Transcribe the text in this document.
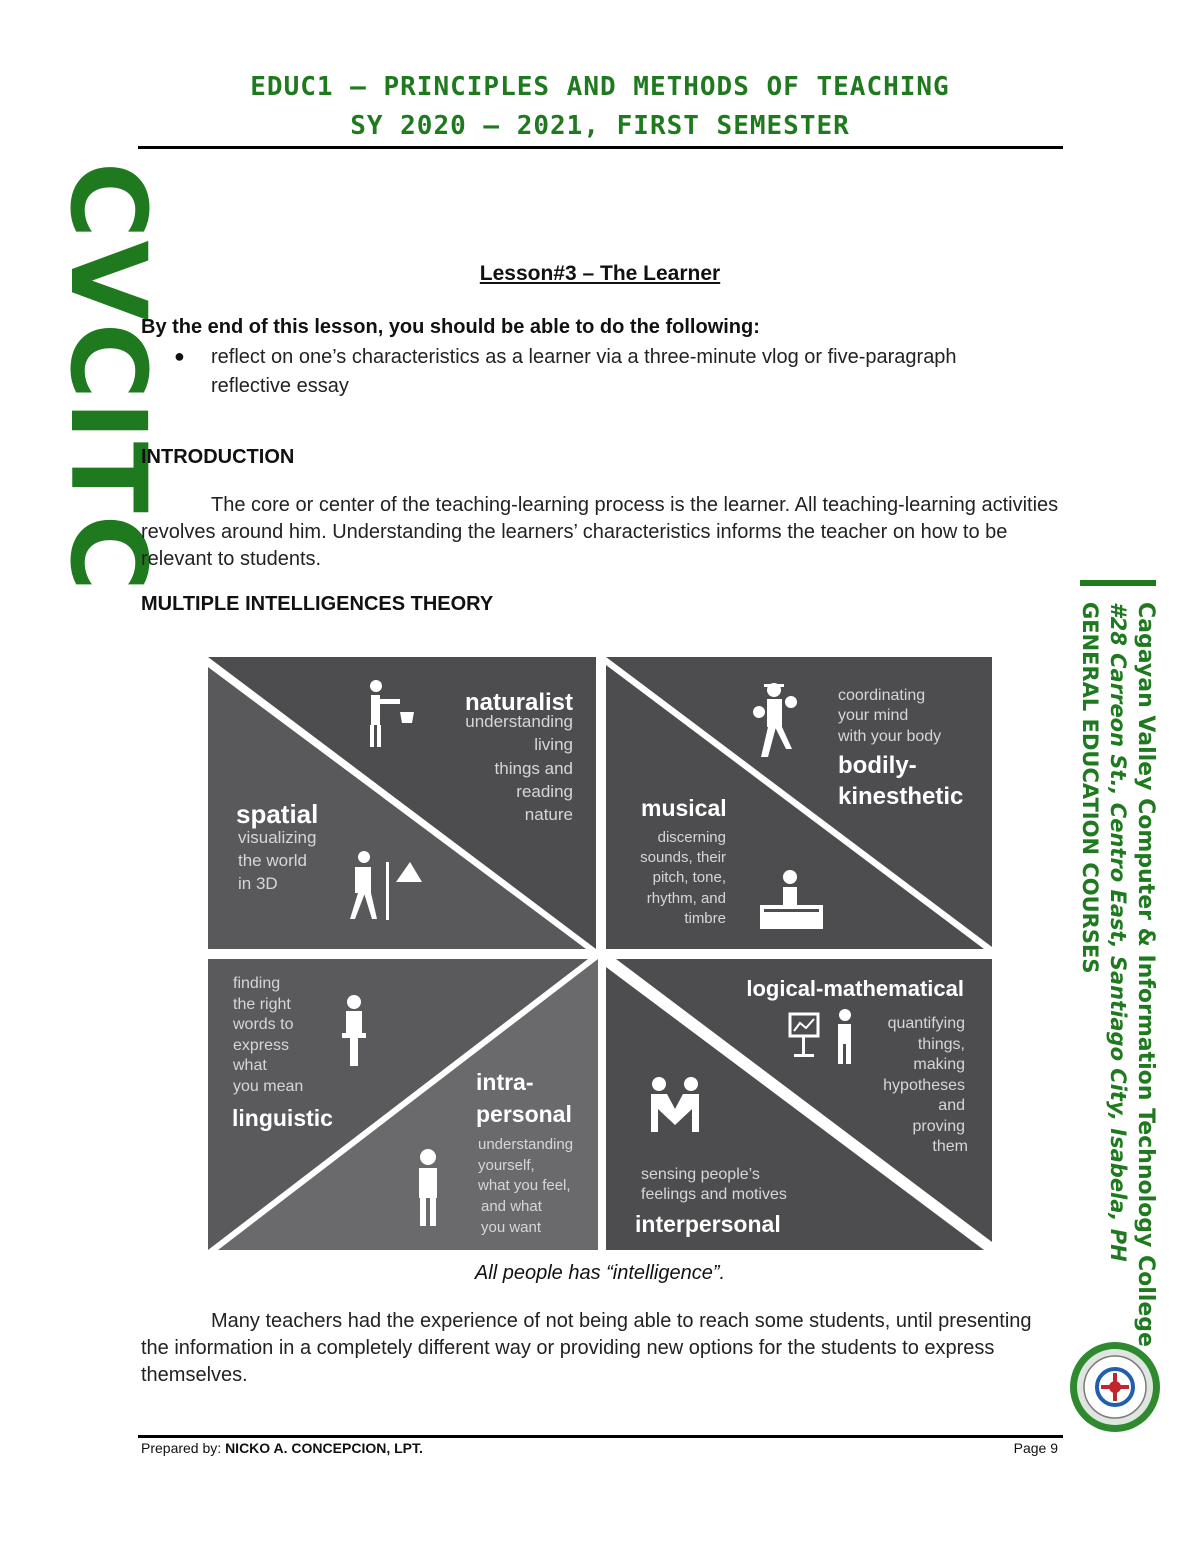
EDUC1 – PRINCIPLES AND METHODS OF TEACHING
SY 2020 – 2021, FIRST SEMESTER
CVCITC
Cagayan Valley Computer & Information Technology College
#28 Carreon St., Centro East, Santiago City, Isabela, PH
GENERAL EDUCATION COURSES
Lesson#3 – The Learner
By the end of this lesson, you should be able to do the following:
● reflect on one’s characteristics as a learner via a three-minute vlog or five-paragraph reflective essay
INTRODUCTION

The core or center of the teaching-learning process is the learner. All teaching-learning activities revolves around him. Understanding the learners’ characteristics informs the teacher on how to be relevant to students.

MULTIPLE INTELLIGENCES THEORY
naturalist
understanding
living
things and
reading
nature
spatial
visualizing
the world
in 3D
coordinating
your mind
with your body
bodily-
kinesthetic
musical
discerning
sounds, their
pitch, tone,
rhythm, and
timbre
finding
the right
words to
express
what
you mean
linguistic
intra-
personal
understanding
yourself,
what you feel,
and what
you want
logical-mathematical
quantifying
things,
making
hypotheses
and
proving
them
sensing people’s
feelings and motives
interpersonal
All people has “intelligence”.

Many teachers had the experience of not being able to reach some students, until presenting the information in a completely different way or providing new options for the students to express themselves.

Prepared by: NICKO A. CONCEPCION, LPT.	Page 9
